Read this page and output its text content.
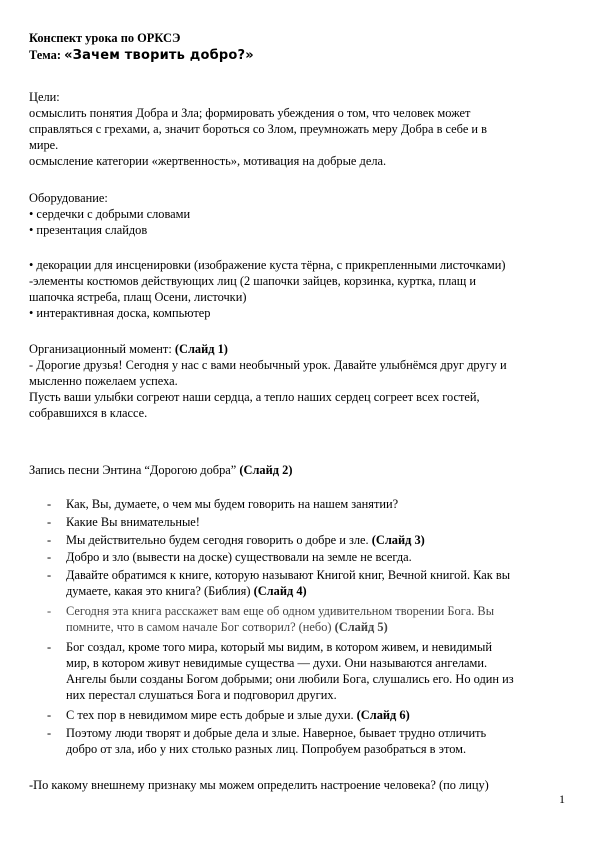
Конспект урока по ОРКСЭ
Тема: «Зачем творить добро?»
Цели:
осмыслить понятия Добра и Зла; формировать убеждения о том, что человек может
справляться с грехами, а, значит бороться со Злом, преумножать меру Добра в себе и в
мире.
осмысление категории «жертвенность», мотивация на добрые дела.
Оборудование:
• сердечки с добрыми словами
• презентация слайдов
• декорации для инсценировки (изображение куста тёрна, с прикрепленными листочками)
-элементы костюмов действующих лиц (2 шапочки зайцев, корзинка, куртка, плащ и
шапочка ястреба, плащ Осени, листочки)
• интерактивная доска, компьютер
Организационный момент: (Слайд 1)
- Дорогие друзья! Сегодня у нас с вами необычный урок. Давайте улыбнёмся друг другу и
мысленно пожелаем успеха.
Пусть ваши улыбки согреют наши сердца, а тепло наших сердец согреет всех гостей,
собравшихся в классе.
Запись песни Энтина “Дорогою добра” (Слайд 2)
-	Как, Вы, думаете, о чем мы будем говорить на нашем занятии?
-	Какие Вы внимательные!
-	Мы действительно будем сегодня говорить о добре и зле. (Слайд 3)
-	Добро и зло (вывести на доске) существовали на земле не всегда.
-	Давайте обратимся к книге, которую называют Книгой книг, Вечной книгой. Как вы
думаете, какая это книга? (Библия) (Слайд 4)
-	Сегодня эта книга расскажет вам еще об одном удивительном творении Бога. Вы
помните, что в самом начале Бог сотворил? (небо) (Слайд 5)
-	Бог создал, кроме того мира, который мы видим, в котором живем, и невидимый
мир, в котором живут невидимые существа — духи. Они называются ангелами.
Ангелы были созданы Богом добрыми; они любили Бога, слушались его. Но один из
них перестал слушаться Бога и подговорил других.
-	С тех пор в невидимом мире есть добрые и злые духи. (Слайд 6)
-	Поэтому люди творят и добрые дела и злые. Наверное, бывает трудно отличить
добро от зла, ибо у них столько разных лиц. Попробуем разобраться в этом.
-По какому внешнему признаку мы можем определить настроение человека? (по лицу)
1
